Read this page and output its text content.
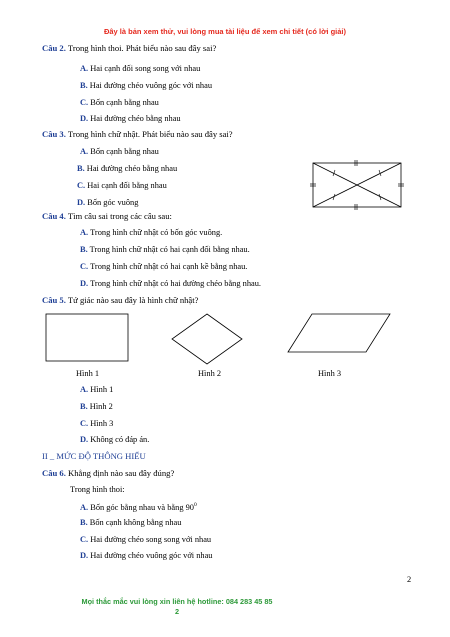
Đây là bản xem thử, vui lòng mua tài liệu để xem chi tiết (có lời giải)
Câu 2. Trong hình thoi. Phát biểu nào sau đây sai?
A. Hai cạnh đối song song với nhau
B. Hai đường chéo vuông góc với nhau
C. Bốn cạnh bằng nhau
D. Hai đường chéo bằng nhau
Câu 3. Trong hình chữ nhật. Phát biểu nào sau đây sai?
A. Bốn cạnh bằng nhau
B. Hai đường chéo bằng nhau
C. Hai cạnh đối bằng nhau
D. Bốn góc vuông
Câu 4. Tìm câu sai trong các câu sau:
A. Trong hình chữ nhật có bốn góc vuông.
B. Trong hình chữ nhật có hai cạnh đối bằng nhau.
C. Trong hình chữ nhật có hai cạnh kề bằng nhau.
D. Trong hình chữ nhật có hai đường chéo bằng nhau.
Câu 5. Tứ giác nào sau đây là hình chữ nhật?
Hình 1	Hình 2	Hình 3
A. Hình 1
B. Hình 2
C. Hình 3
D. Không có đáp án.
II _ MỨC ĐỘ THÔNG HIỂU
Câu 6. Khẳng định nào sau đây đúng?
Trong hình thoi:
A. Bốn góc bằng nhau và bằng $90^0$
B. Bốn cạnh không bằng nhau
C. Hai đường chéo song song với nhau
D. Hai đường chéo vuông góc với nhau
2
Mọi thắc mắc vui lòng xin liên hệ hotline: 084 283 45 85
2
